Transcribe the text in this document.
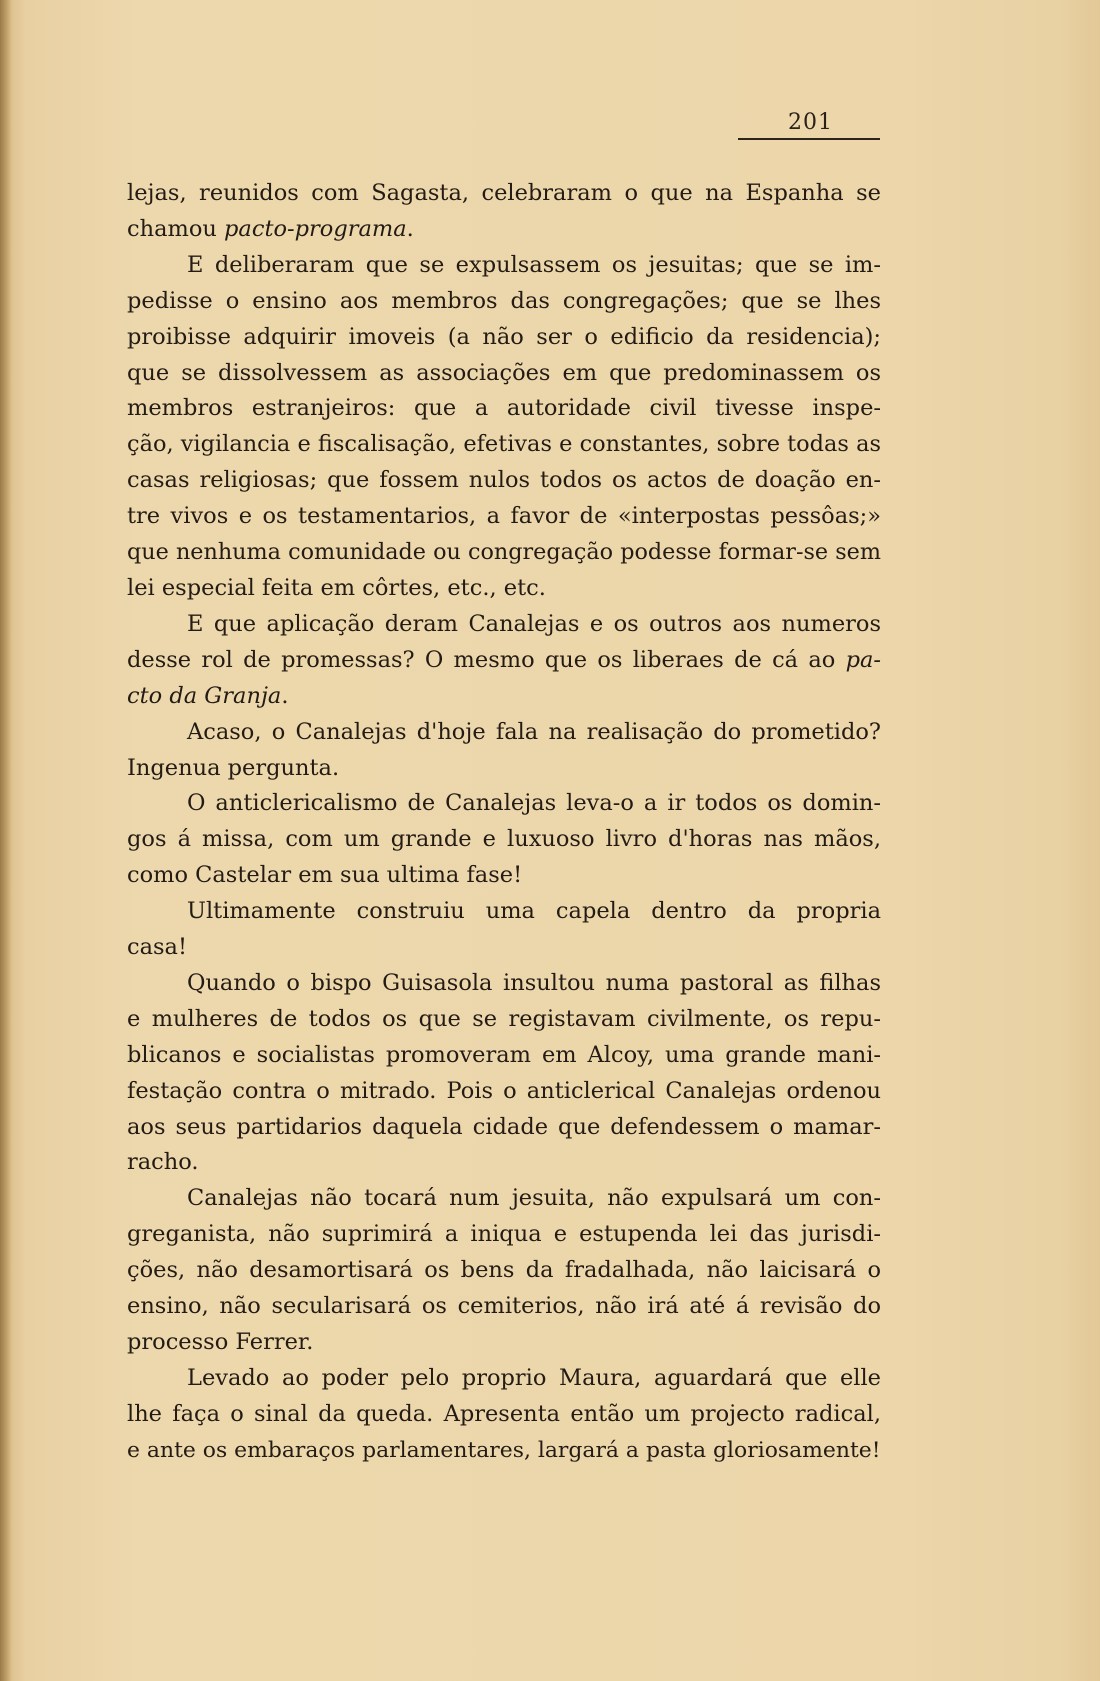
201
lejas, reunidos com Sagasta, celebraram o que na Espanha se
chamou pacto-programa.
E deliberaram que se expulsassem os jesuitas; que se im-
pedisse o ensino aos membros das congregações; que se lhes
proibisse adquirir imoveis (a não ser o edificio da residencia);
que se dissolvessem as associações em que predominassem os
membros estranjeiros: que a autoridade civil tivesse inspe-
ção, vigilancia e fiscalisação, efetivas e constantes, sobre todas as
casas religiosas; que fossem nulos todos os actos de doação en-
tre vivos e os testamentarios, a favor de «interpostas pessôas;»
que nenhuma comunidade ou congregação podesse formar-se sem
lei especial feita em côrtes, etc., etc.
E que aplicação deram Canalejas e os outros aos numeros
desse rol de promessas? O mesmo que os liberaes de cá ao pa-
cto da Granja.
Acaso, o Canalejas d'hoje fala na realisação do prometido?
Ingenua pergunta.
O anticlericalismo de Canalejas leva-o a ir todos os domin-
gos á missa, com um grande e luxuoso livro d'horas nas mãos,
como Castelar em sua ultima fase!
Ultimamente construiu uma capela dentro da propria
casa!
Quando o bispo Guisasola insultou numa pastoral as filhas
e mulheres de todos os que se registavam civilmente, os repu-
blicanos e socialistas promoveram em Alcoy, uma grande mani-
festação contra o mitrado. Pois o anticlerical Canalejas ordenou
aos seus partidarios daquela cidade que defendessem o mamar-
racho.
Canalejas não tocará num jesuita, não expulsará um con-
greganista, não suprimirá a iniqua e estupenda lei das jurisdi-
ções, não desamortisará os bens da fradalhada, não laicisará o
ensino, não secularisará os cemiterios, não irá até á revisão do
processo Ferrer.
Levado ao poder pelo proprio Maura, aguardará que elle
lhe faça o sinal da queda. Apresenta então um projecto radical,
e ante os embaraços parlamentares, largará a pasta gloriosamente!
